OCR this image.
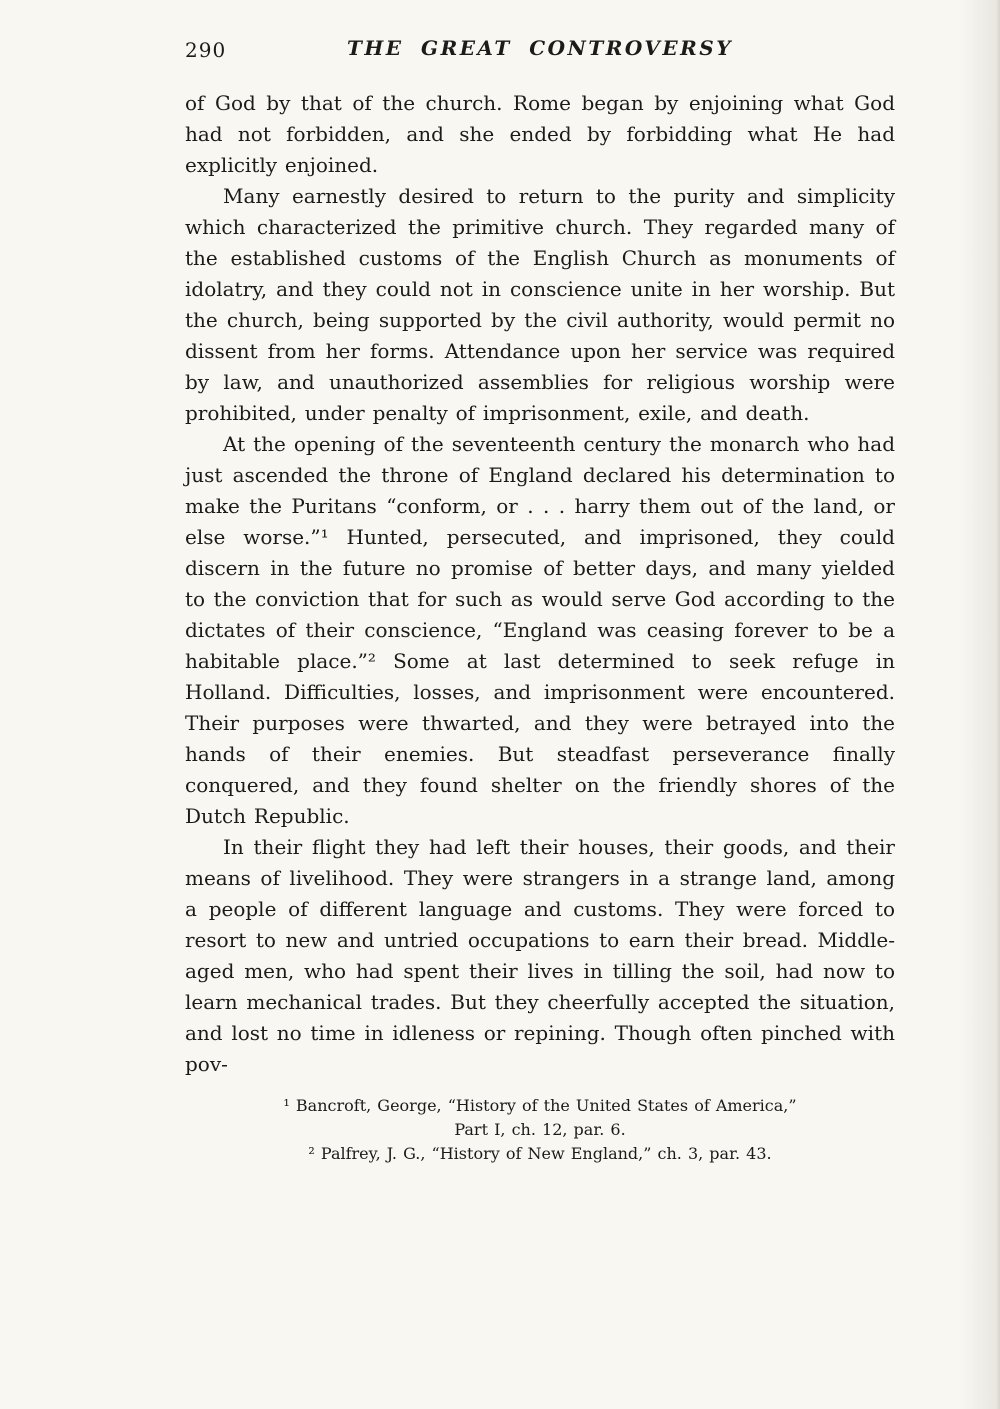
290	THE GREAT CONTROVERSY

of God by that of the church. Rome began by enjoining what God had not forbidden, and she ended by forbidding what He had explicitly enjoined.

Many earnestly desired to return to the purity and simplicity which characterized the primitive church. They regarded many of the established customs of the English Church as monuments of idolatry, and they could not in conscience unite in her worship. But the church, being supported by the civil authority, would permit no dissent from her forms. Attendance upon her service was required by law, and unauthorized assemblies for religious worship were prohibited, under penalty of imprisonment, exile, and death.

At the opening of the seventeenth century the monarch who had just ascended the throne of England declared his determination to make the Puritans “conform, or . . . harry them out of the land, or else worse.”¹ Hunted, persecuted, and imprisoned, they could discern in the future no promise of better days, and many yielded to the conviction that for such as would serve God according to the dictates of their conscience, “England was ceasing forever to be a habitable place.”² Some at last determined to seek refuge in Holland. Difficulties, losses, and imprisonment were encountered. Their purposes were thwarted, and they were betrayed into the hands of their enemies. But steadfast perseverance finally conquered, and they found shelter on the friendly shores of the Dutch Republic.

In their flight they had left their houses, their goods, and their means of livelihood. They were strangers in a strange land, among a people of different language and customs. They were forced to resort to new and untried occupations to earn their bread. Middle-aged men, who had spent their lives in tilling the soil, had now to learn mechanical trades. But they cheerfully accepted the situation, and lost no time in idleness or repining. Though often pinched with pov-

¹ Bancroft, George, “History of the United States of America,”
Part I, ch. 12, par. 6.
² Palfrey, J. G., “History of New England,” ch. 3, par. 43.
